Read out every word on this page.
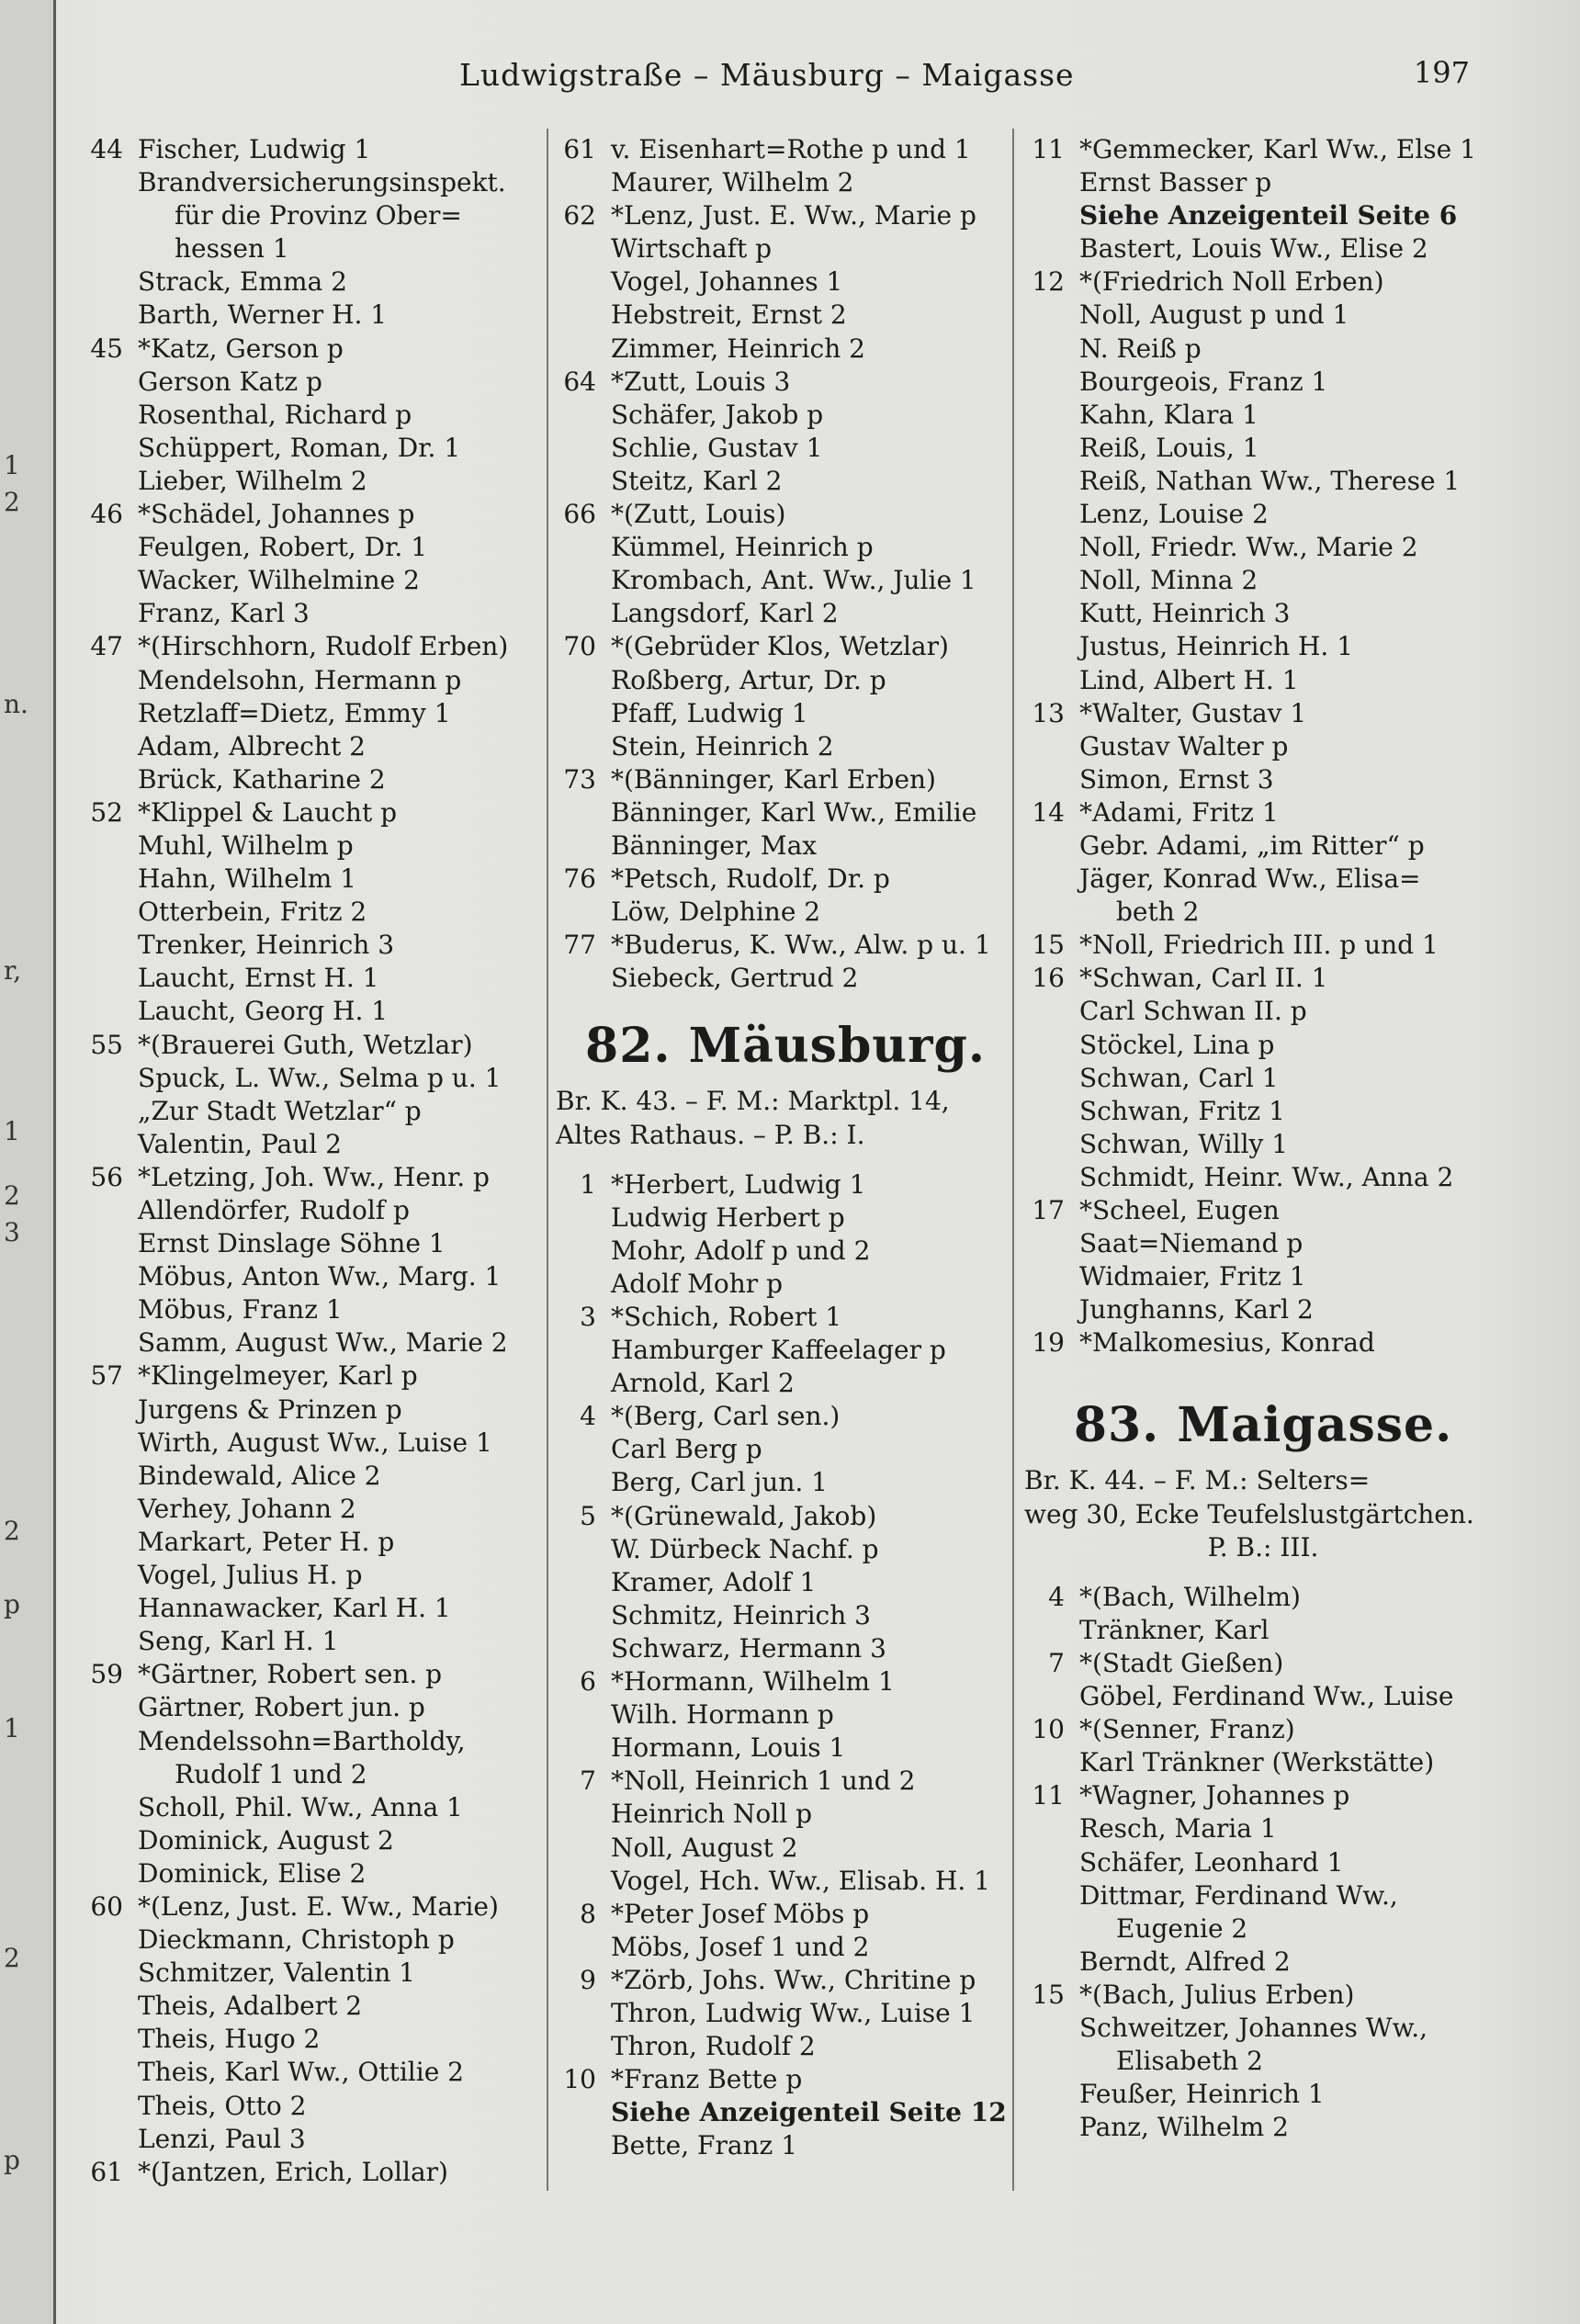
1
2
n.
r,
1
2
3
2
p
1
2
p
Ludwigstraße – Mäusburg – Maigasse	197
44 Fischer, Ludwig 1
Brandversicherungsinspekt.
für die Provinz Ober=
hessen 1
Strack, Emma 2
Barth, Werner H. 1
45 *Katz, Gerson p
Gerson Katz p
Rosenthal, Richard p
Schüppert, Roman, Dr. 1
Lieber, Wilhelm 2
46 *Schädel, Johannes p
Feulgen, Robert, Dr. 1
Wacker, Wilhelmine 2
Franz, Karl 3
47 *(Hirschhorn, Rudolf Erben)
Mendelsohn, Hermann p
Retzlaff=Dietz, Emmy 1
Adam, Albrecht 2
Brück, Katharine 2
52 *Klippel & Laucht p
Muhl, Wilhelm p
Hahn, Wilhelm 1
Otterbein, Fritz 2
Trenker, Heinrich 3
Laucht, Ernst H. 1
Laucht, Georg H. 1
55 *(Brauerei Guth, Wetzlar)
Spuck, L. Ww., Selma p u. 1
„Zur Stadt Wetzlar“ p
Valentin, Paul 2
56 *Letzing, Joh. Ww., Henr. p
Allendörfer, Rudolf p
Ernst Dinslage Söhne 1
Möbus, Anton Ww., Marg. 1
Möbus, Franz 1
Samm, August Ww., Marie 2
57 *Klingelmeyer, Karl p
Jurgens & Prinzen p
Wirth, August Ww., Luise 1
Bindewald, Alice 2
Verhey, Johann 2
Markart, Peter H. p
Vogel, Julius H. p
Hannawacker, Karl H. 1
Seng, Karl H. 1
59 *Gärtner, Robert sen. p
Gärtner, Robert jun. p
Mendelssohn=Bartholdy,
Rudolf 1 und 2
Scholl, Phil. Ww., Anna 1
Dominick, August 2
Dominick, Elise 2
60 *(Lenz, Just. E. Ww., Marie)
Dieckmann, Christoph p
Schmitzer, Valentin 1
Theis, Adalbert 2
Theis, Hugo 2
Theis, Karl Ww., Ottilie 2
Theis, Otto 2
Lenzi, Paul 3
61 *(Jantzen, Erich, Lollar)
61 v. Eisenhart=Rothe p und 1
Maurer, Wilhelm 2
62 *Lenz, Just. E. Ww., Marie p
Wirtschaft p
Vogel, Johannes 1
Hebstreit, Ernst 2
Zimmer, Heinrich 2
64 *Zutt, Louis 3
Schäfer, Jakob p
Schlie, Gustav 1
Steitz, Karl 2
66 *(Zutt, Louis)
Kümmel, Heinrich p
Krombach, Ant. Ww., Julie 1
Langsdorf, Karl 2
70 *(Gebrüder Klos, Wetzlar)
Roßberg, Artur, Dr. p
Pfaff, Ludwig 1
Stein, Heinrich 2
73 *(Bänninger, Karl Erben)
Bänninger, Karl Ww., Emilie
Bänninger, Max
76 *Petsch, Rudolf, Dr. p
Löw, Delphine 2
77 *Buderus, K. Ww., Alw. p u. 1
Siebeck, Gertrud 2
82. Mäusburg.
Br. K. 43. – F. M.: Marktpl. 14,
Altes Rathaus. – P. B.: I.
1 *Herbert, Ludwig 1
Ludwig Herbert p
Mohr, Adolf p und 2
Adolf Mohr p
3 *Schich, Robert 1
Hamburger Kaffeelager p
Arnold, Karl 2
4 *(Berg, Carl sen.)
Carl Berg p
Berg, Carl jun. 1
5 *(Grünewald, Jakob)
W. Dürbeck Nachf. p
Kramer, Adolf 1
Schmitz, Heinrich 3
Schwarz, Hermann 3
6 *Hormann, Wilhelm 1
Wilh. Hormann p
Hormann, Louis 1
7 *Noll, Heinrich 1 und 2
Heinrich Noll p
Noll, August 2
Vogel, Hch. Ww., Elisab. H. 1
8 *Peter Josef Möbs p
Möbs, Josef 1 und 2
9 *Zörb, Johs. Ww., Chritine p
Thron, Ludwig Ww., Luise 1
Thron, Rudolf 2
10 *Franz Bette p
Siehe Anzeigenteil Seite 12
Bette, Franz 1
11 *Gemmecker, Karl Ww., Else 1
Ernst Basser p
Siehe Anzeigenteil Seite 6
Bastert, Louis Ww., Elise 2
12 *(Friedrich Noll Erben)
Noll, August p und 1
N. Reiß p
Bourgeois, Franz 1
Kahn, Klara 1
Reiß, Louis, 1
Reiß, Nathan Ww., Therese 1
Lenz, Louise 2
Noll, Friedr. Ww., Marie 2
Noll, Minna 2
Kutt, Heinrich 3
Justus, Heinrich H. 1
Lind, Albert H. 1
13 *Walter, Gustav 1
Gustav Walter p
Simon, Ernst 3
14 *Adami, Fritz 1
Gebr. Adami, „im Ritter“ p
Jäger, Konrad Ww., Elisa=
beth 2
15 *Noll, Friedrich III. p und 1
16 *Schwan, Carl II. 1
Carl Schwan II. p
Stöckel, Lina p
Schwan, Carl 1
Schwan, Fritz 1
Schwan, Willy 1
Schmidt, Heinr. Ww., Anna 2
17 *Scheel, Eugen
Saat=Niemand p
Widmaier, Fritz 1
Junghanns, Karl 2
19 *Malkomesius, Konrad
83. Maigasse.
Br. K. 44. – F. M.: Selters=
weg 30, Ecke Teufelslustgärtchen.
P. B.: III.
4 *(Bach, Wilhelm)
Tränkner, Karl
7 *(Stadt Gießen)
Göbel, Ferdinand Ww., Luise
10 *(Senner, Franz)
Karl Tränkner (Werkstätte)
11 *Wagner, Johannes p
Resch, Maria 1
Schäfer, Leonhard 1
Dittmar, Ferdinand Ww.,
Eugenie 2
Berndt, Alfred 2
15 *(Bach, Julius Erben)
Schweitzer, Johannes Ww.,
Elisabeth 2
Feußer, Heinrich 1
Panz, Wilhelm 2
